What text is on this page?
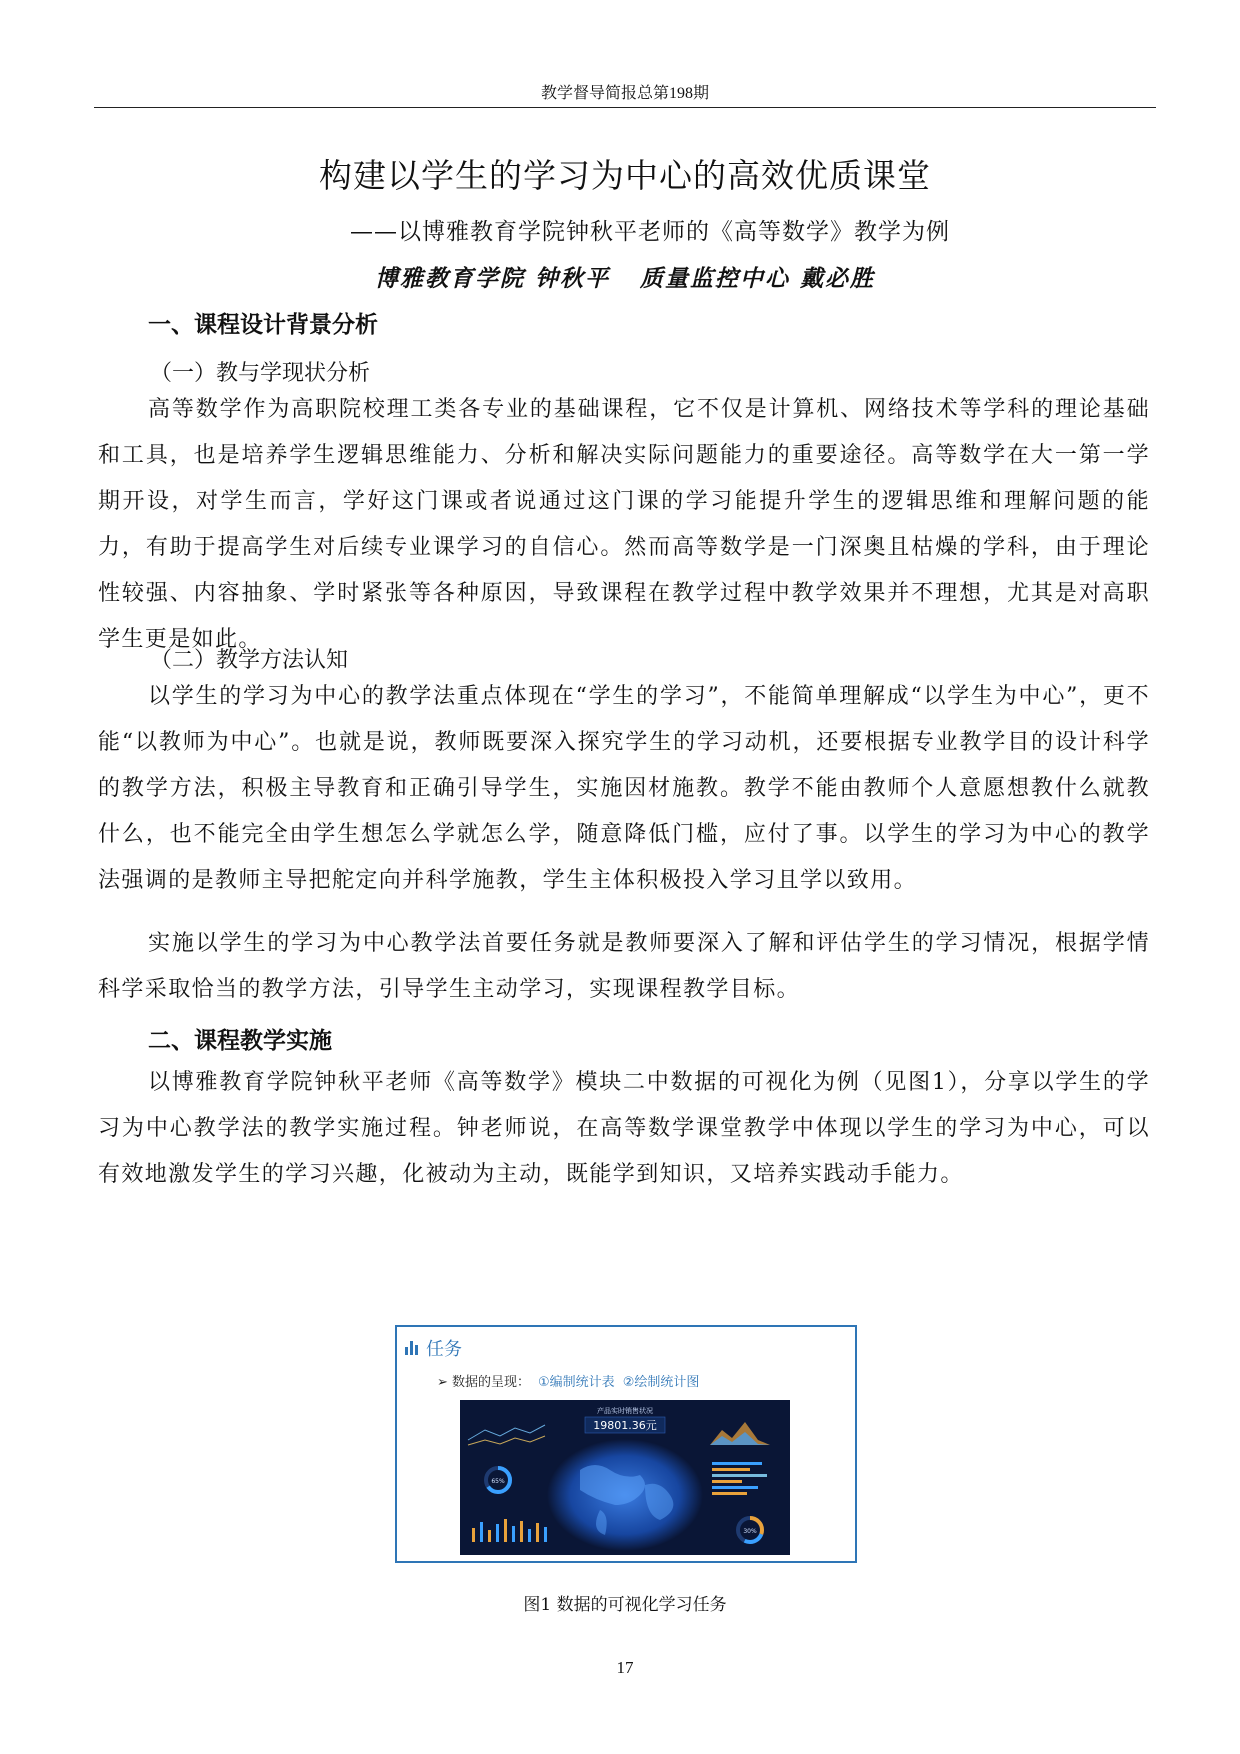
教学督导简报总第198期
构建以学生的学习为中心的高效优质课堂
——以博雅教育学院钟秋平老师的《高等数学》教学为例
博雅教育学院 钟秋平   质量监控中心 戴必胜
一、课程设计背景分析
（一）教与学现状分析
高等数学作为高职院校理工类各专业的基础课程，它不仅是计算机、网络技术等学科的理论基础和工具，也是培养学生逻辑思维能力、分析和解决实际问题能力的重要途径。高等数学在大一第一学期开设，对学生而言，学好这门课或者说通过这门课的学习能提升学生的逻辑思维和理解问题的能力，有助于提高学生对后续专业课学习的自信心。然而高等数学是一门深奥且枯燥的学科，由于理论性较强、内容抽象、学时紧张等各种原因，导致课程在教学过程中教学效果并不理想，尤其是对高职学生更是如此。
（二）教学方法认知
以学生的学习为中心的教学法重点体现在“学生的学习”，不能简单理解成“以学生为中心”，更不能“以教师为中心”。也就是说，教师既要深入探究学生的学习动机，还要根据专业教学目的设计科学的教学方法，积极主导教育和正确引导学生，实施因材施教。教学不能由教师个人意愿想教什么就教什么，也不能完全由学生想怎么学就怎么学，随意降低门槛，应付了事。以学生的学习为中心的教学法强调的是教师主导把舵定向并科学施教，学生主体积极投入学习且学以致用。
实施以学生的学习为中心教学法首要任务就是教师要深入了解和评估学生的学习情况，根据学情科学采取恰当的教学方法，引导学生主动学习，实现课程教学目标。
二、课程教学实施
以博雅教育学院钟秋平老师《高等数学》模块二中数据的可视化为例（见图1），分享以学生的学习为中心教学法的教学实施过程。钟老师说，在高等数学课堂教学中体现以学生的学习为中心，可以有效地激发学生的学习兴趣，化被动为主动，既能学到知识，又培养实践动手能力。
任务
➢ 数据的呈现： ①编制统计表 ②绘制统计图
产品实时销售状况
19801.36元
65%
30%
图1 数据的可视化学习任务
17
